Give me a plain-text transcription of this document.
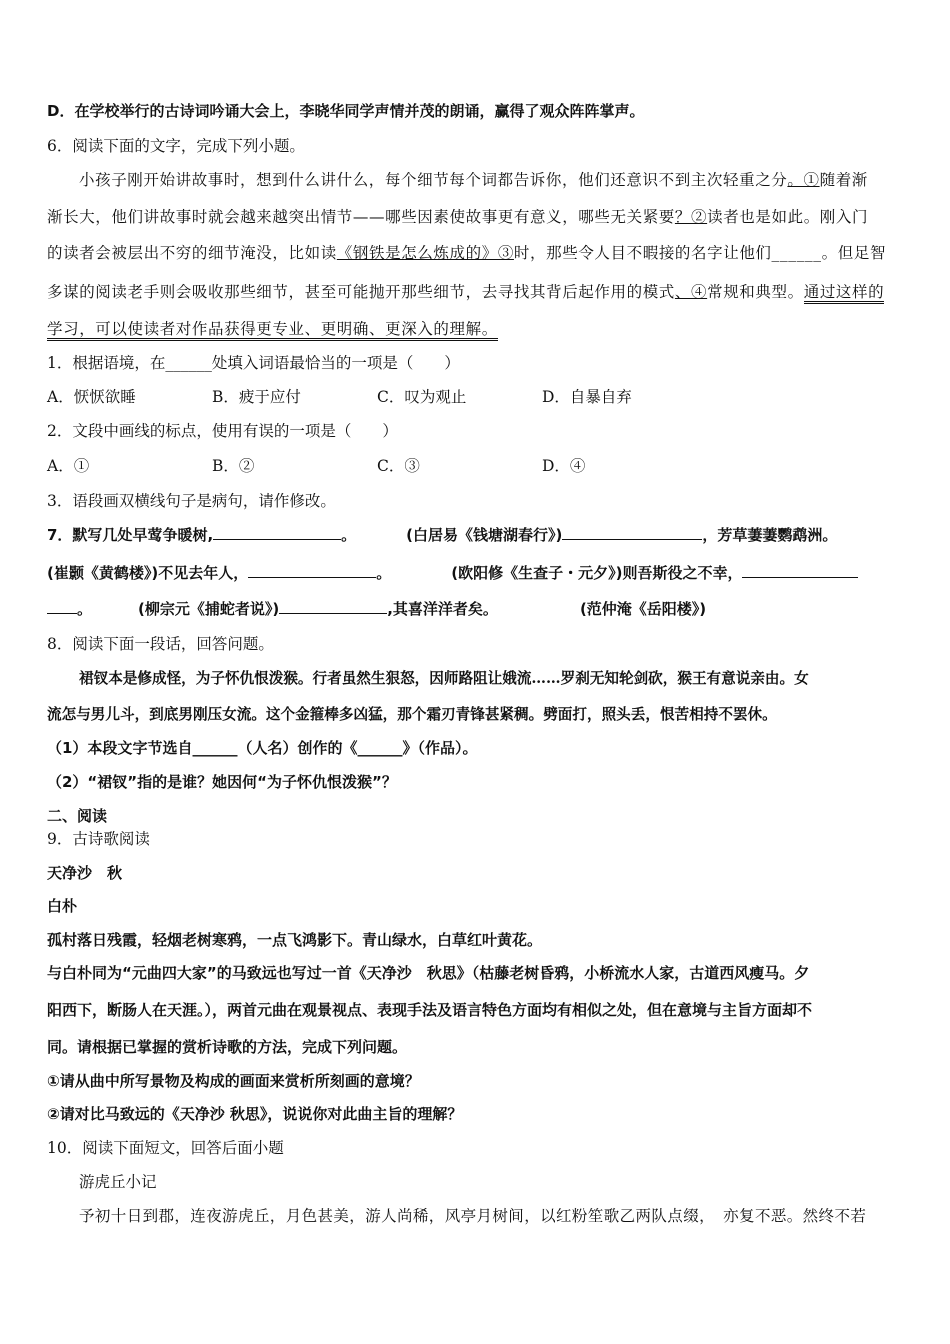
D．在学校举行的古诗词吟诵大会上，李晓华同学声情并茂的朗诵，赢得了观众阵阵掌声。
6．阅读下面的文字，完成下列小题。
小孩子刚开始讲故事时，想到什么讲什么，每个细节每个词都告诉你，他们还意识不到主次轻重之分。①随着渐
渐长大，他们讲故事时就会越来越突出情节——哪些因素使故事更有意义，哪些无关紧要？②读者也是如此。刚入门
的读者会被层出不穷的细节淹没，比如读《钢铁是怎么炼成的》③时，那些令人目不暇接的名字让他们______。但足智
多谋的阅读老手则会吸收那些细节，甚至可能抛开那些细节，去寻找其背后起作用的模式、④常规和典型。通过这样的
学习，可以使读者对作品获得更专业、更明确、更深入的理解。
1．根据语境，在______处填入词语最恰当的一项是（　　）
A．恹恹欲睡	B．疲于应付	C．叹为观止	D．自暴自弃
2．文段中画线的标点，使用有误的一项是（　　）
A．①	B．②	C．③	D．④
3．语段画双横线句子是病句，请作修改。
7．默写几处早莺争暖树,	。	(白居易《钱塘湖春行》)	，芳草萋萋鹦鹉洲。
(崔颢《黄鹤楼》)不见去年人，	。	(欧阳修《生查子・元夕》)则吾斯役之不幸，
。	(柳宗元《捕蛇者说》)	,其喜洋洋者矣。	(范仲淹《岳阳楼》)
8．阅读下面一段话，回答问题。
裙钗本是修成怪，为子怀仇恨泼猴。行者虽然生狠怒，因师路阻让娥流……罗刹无知轮剑砍，猴王有意说亲由。女
流怎与男儿斗，到底男刚压女流。这个金箍棒多凶猛，那个霜刃青锋甚紧稠。劈面打，照头丢，恨苦相持不罢休。
（1）本段文字节选自______（人名）创作的《______》（作品）。
（2）“裙钗”指的是谁？她因何“为子怀仇恨泼猴”？
二、阅读
9．古诗歌阅读
天净沙　秋
白朴
孤村落日残霞，轻烟老树寒鸦，一点飞鸿影下。青山绿水，白草红叶黄花。
与白朴同为“元曲四大家”的马致远也写过一首《天净沙　秋思》（枯藤老树昏鸦，小桥流水人家，古道西风瘦马。夕
阳西下，断肠人在天涯。），两首元曲在观景视点、表现手法及语言特色方面均有相似之处，但在意境与主旨方面却不
同。请根据已掌握的赏析诗歌的方法，完成下列问题。
①请从曲中所写景物及构成的画面来赏析所刻画的意境？
②请对比马致远的《天净沙 秋思》，说说你对此曲主旨的理解？
10．阅读下面短文，回答后面小题
游虎丘小记
予初十日到郡，连夜游虎丘，月色甚美，游人尚稀，风亭月树间，以红粉笙歌乙两队点缀，　亦复不恶。然终不若
